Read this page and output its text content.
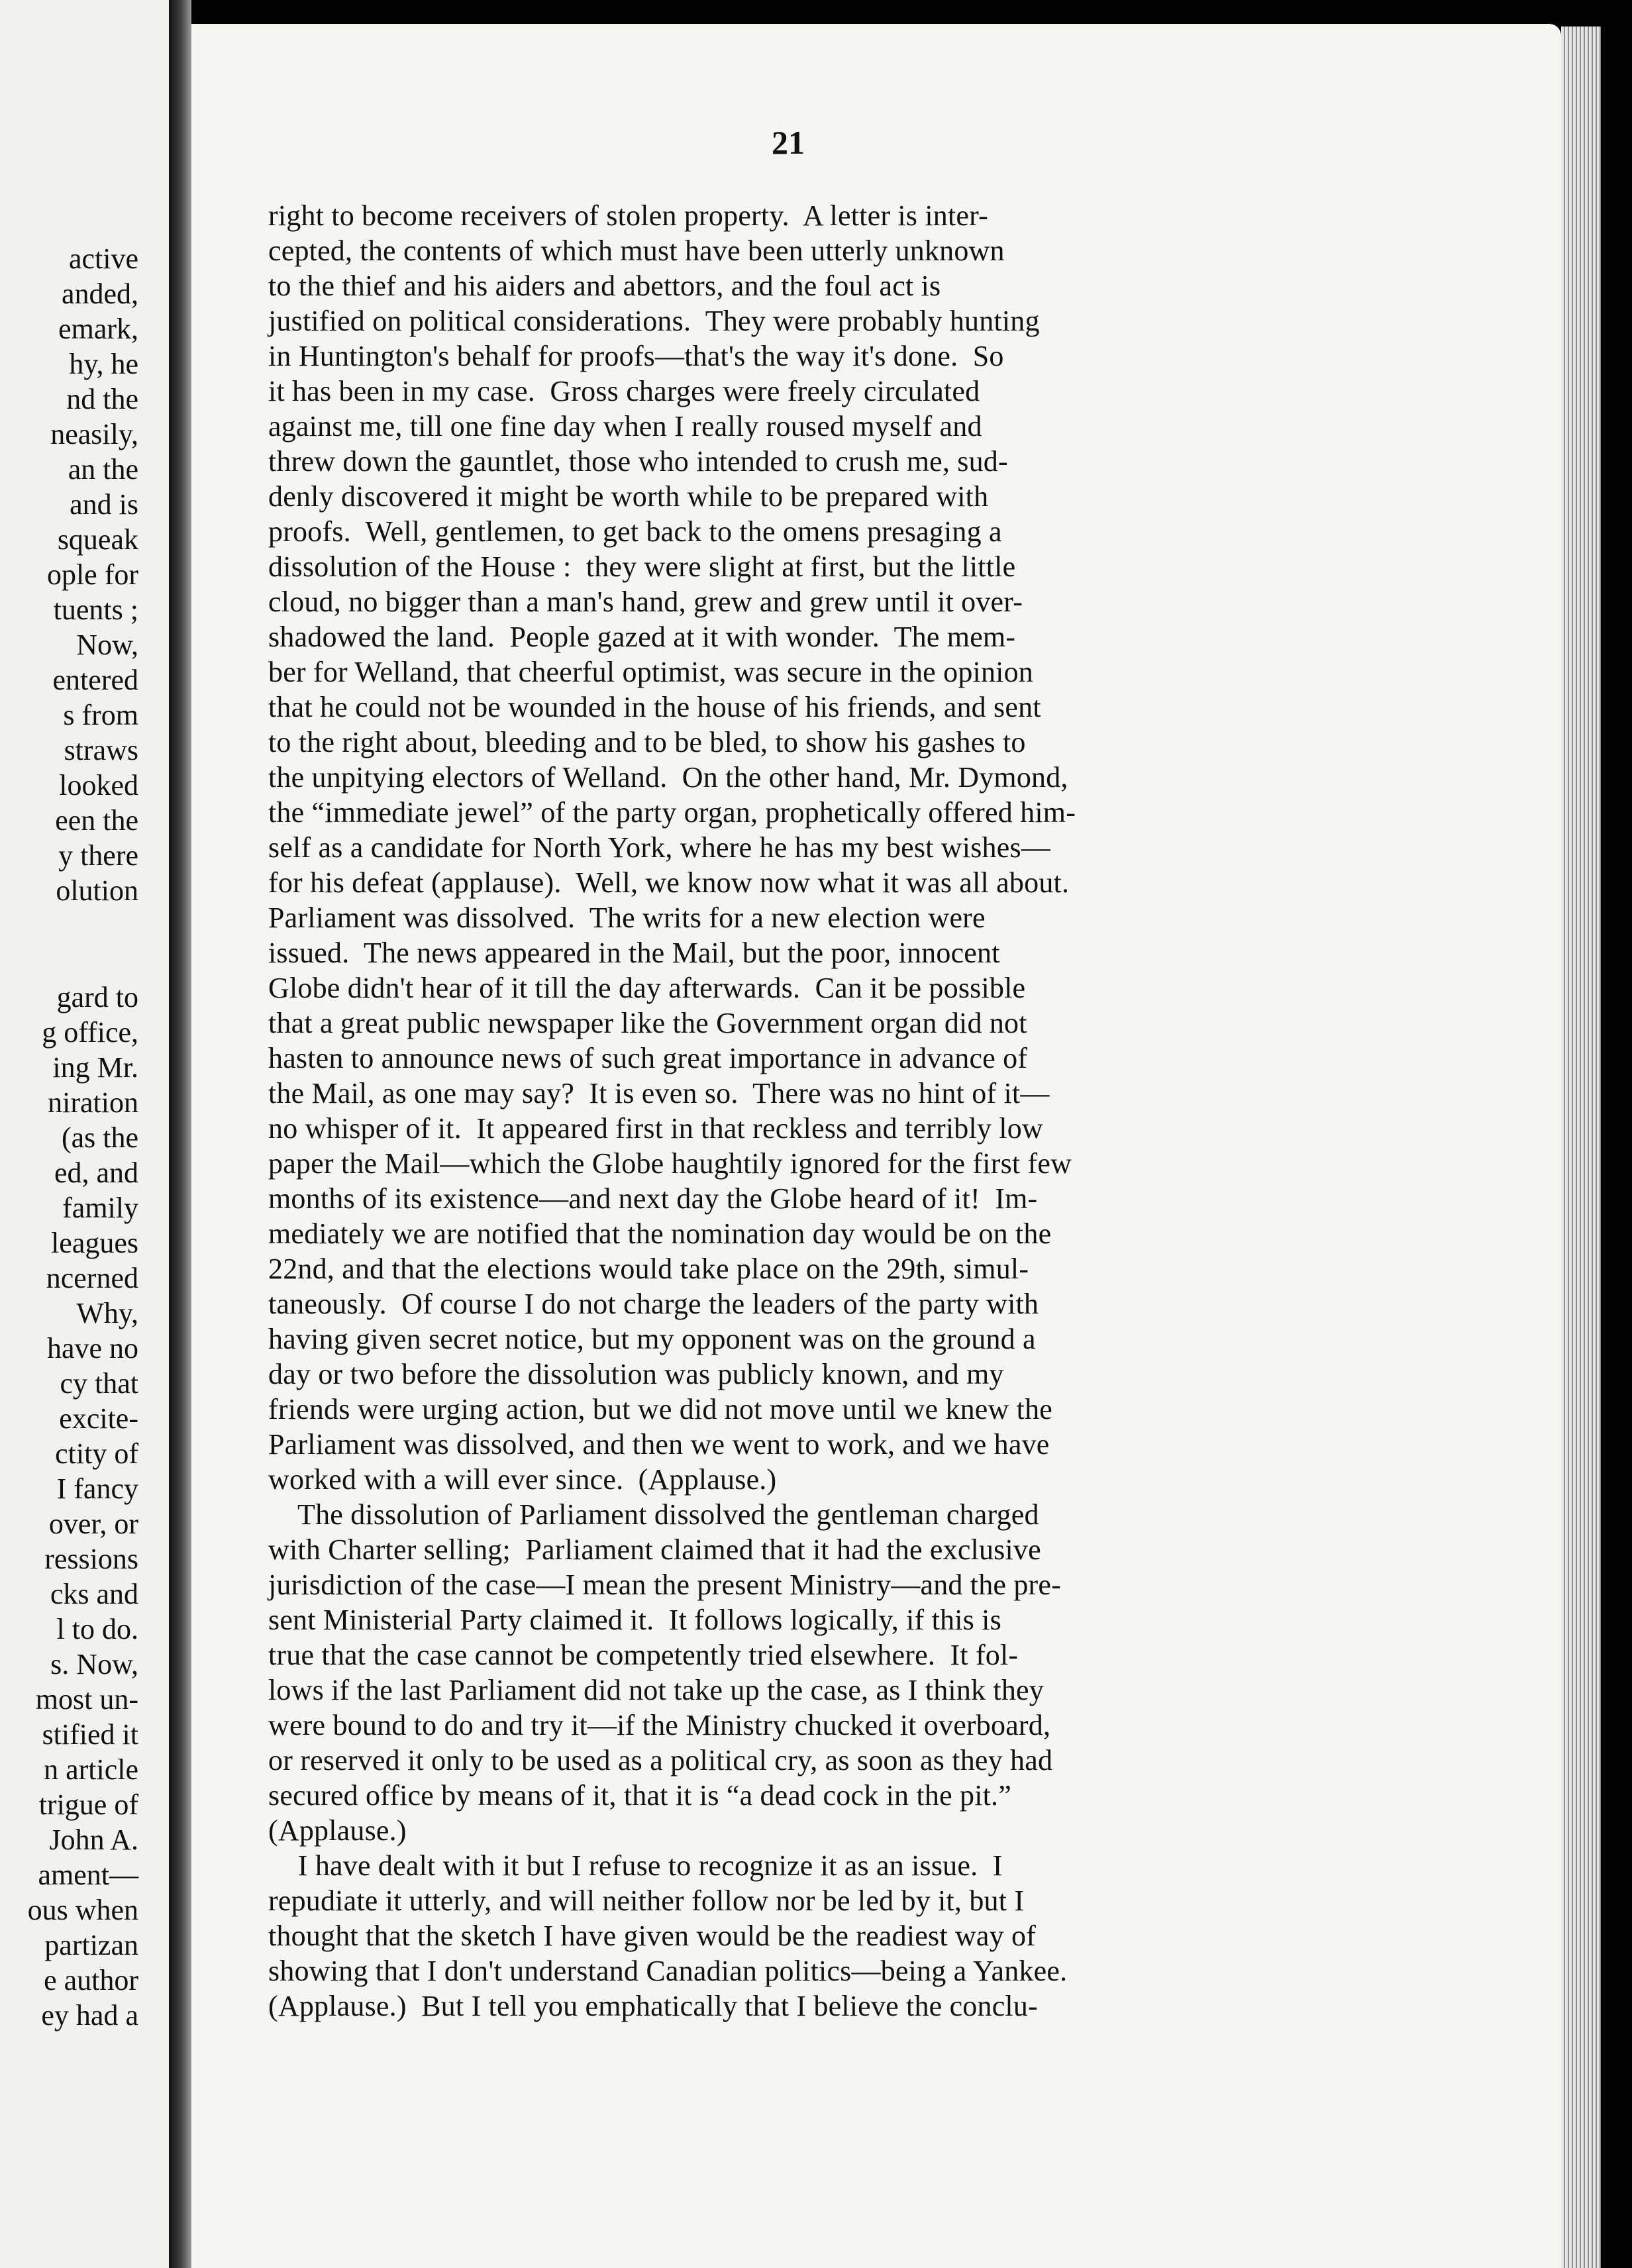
active
anded,
emark,
hy, he
nd the
neasily,
an the
and is
squeak
ople for
tuents ;
Now,
entered
s from
straws
looked
een the
y there
olution
gard to
g office,
ing Mr.
niration
(as the
ed, and
family
leagues
ncerned
Why,
have no
cy that
excite-
ctity of
I fancy
over, or
ressions
cks and
l to do.
s. Now,
most un-
stified it
n article
trigue of
John A.
ament—
ous when
partizan
e author
ey had a
21
right to become receivers of stolen property.  A letter is inter-
cepted, the contents of which must have been utterly unknown
to the thief and his aiders and abettors, and the foul act is
justified on political considerations.  They were probably hunting
in Huntington's behalf for proofs—that's the way it's done.  So
it has been in my case.  Gross charges were freely circulated
against me, till one fine day when I really roused myself and
threw down the gauntlet, those who intended to crush me, sud-
denly discovered it might be worth while to be prepared with
proofs.  Well, gentlemen, to get back to the omens presaging a
dissolution of the House :  they were slight at first, but the little
cloud, no bigger than a man's hand, grew and grew until it over-
shadowed the land.  People gazed at it with wonder.  The mem-
ber for Welland, that cheerful optimist, was secure in the opinion
that he could not be wounded in the house of his friends, and sent
to the right about, bleeding and to be bled, to show his gashes to
the unpitying electors of Welland.  On the other hand, Mr. Dymond,
the “immediate jewel” of the party organ, prophetically offered him-
self as a candidate for North York, where he has my best wishes—
for his defeat (applause).  Well, we know now what it was all about.
Parliament was dissolved.  The writs for a new election were
issued.  The news appeared in the Mail, but the poor, innocent
Globe didn't hear of it till the day afterwards.  Can it be possible
that a great public newspaper like the Government organ did not
hasten to announce news of such great importance in advance of
the Mail, as one may say?  It is even so.  There was no hint of it—
no whisper of it.  It appeared first in that reckless and terribly low
paper the Mail—which the Globe haughtily ignored for the first few
months of its existence—and next day the Globe heard of it!  Im-
mediately we are notified that the nomination day would be on the
22nd, and that the elections would take place on the 29th, simul-
taneously.  Of course I do not charge the leaders of the party with
having given secret notice, but my opponent was on the ground a
day or two before the dissolution was publicly known, and my
friends were urging action, but we did not move until we knew the
Parliament was dissolved, and then we went to work, and we have
worked with a will ever since.  (Applause.)
The dissolution of Parliament dissolved the gentleman charged
with Charter selling;  Parliament claimed that it had the exclusive
jurisdiction of the case—I mean the present Ministry—and the pre-
sent Ministerial Party claimed it.  It follows logically, if this is
true that the case cannot be competently tried elsewhere.  It fol-
lows if the last Parliament did not take up the case, as I think they
were bound to do and try it—if the Ministry chucked it overboard,
or reserved it only to be used as a political cry, as soon as they had
secured office by means of it, that it is “a dead cock in the pit.”
(Applause.)
I have dealt with it but I refuse to recognize it as an issue.  I
repudiate it utterly, and will neither follow nor be led by it, but I
thought that the sketch I have given would be the readiest way of
showing that I don't understand Canadian politics—being a Yankee.
(Applause.)  But I tell you emphatically that I believe the conclu-
